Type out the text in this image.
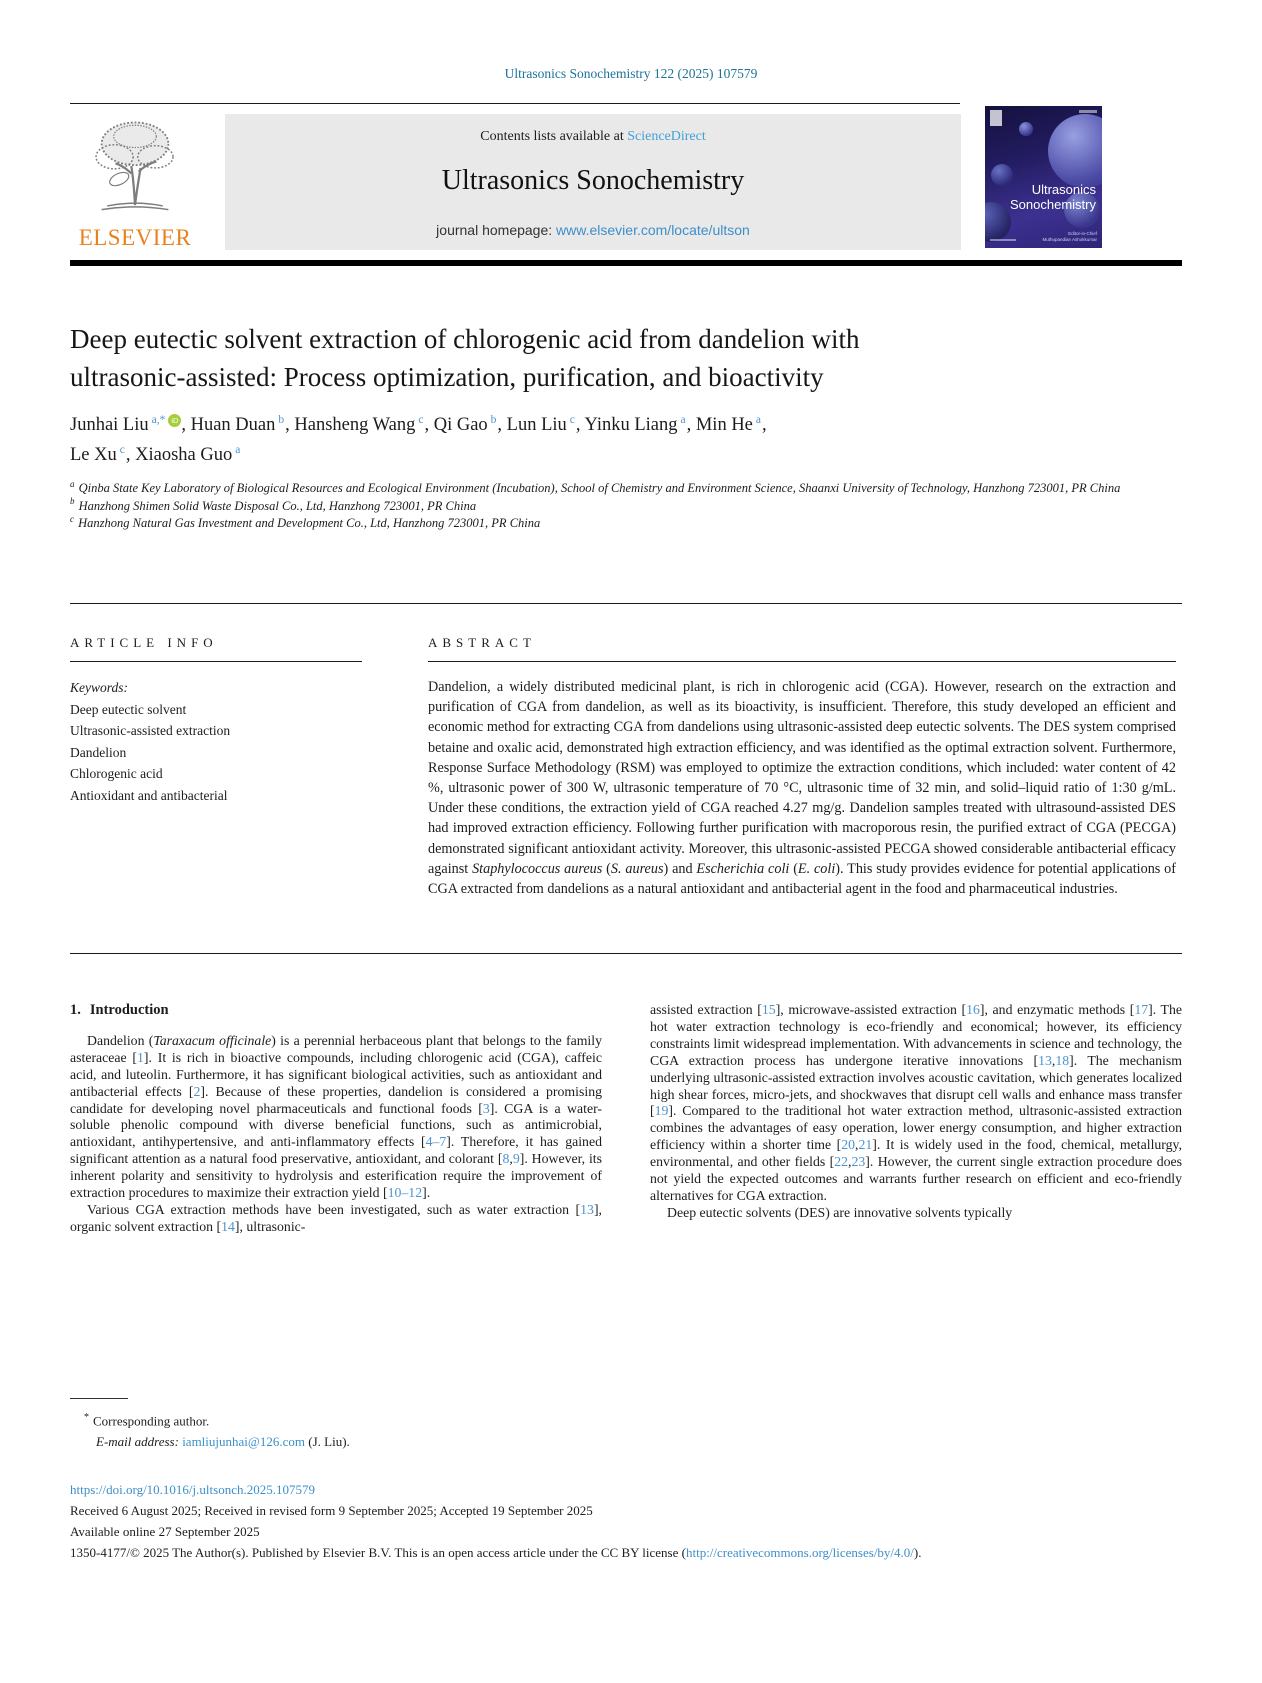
Ultrasonics Sonochemistry 122 (2025) 107579
ELSEVIER
Contents lists available at ScienceDirect
Ultrasonics Sonochemistry
journal homepage: www.elsevier.com/locate/ultson
Ultrasonics
Sonochemistry
Editor-in-Chief
Muthupandian Ashokkumar
Deep eutectic solvent extraction of chlorogenic acid from dandelion with
ultrasonic-assisted: Process optimization, purification, and bioactivity
Junhai Liu $^{a,*}$ iD , Huan Duan $^b$, Hansheng Wang $^c$, Qi Gao $^b$, Lun Liu $^c$, Yinku Liang $^a$, Min He $^a$,
Le Xu $^c$, Xiaosha Guo $^a$
$^a$ Qinba State Key Laboratory of Biological Resources and Ecological Environment (Incubation), School of Chemistry and Environment Science, Shaanxi University of Technology, Hanzhong 723001, PR China
$^b$ Hanzhong Shimen Solid Waste Disposal Co., Ltd, Hanzhong 723001, PR China
$^c$ Hanzhong Natural Gas Investment and Development Co., Ltd, Hanzhong 723001, PR China
ARTICLE INFO
Keywords:
Deep eutectic solvent
Ultrasonic-assisted extraction
Dandelion
Chlorogenic acid
Antioxidant and antibacterial
ABSTRACT
Dandelion, a widely distributed medicinal plant, is rich in chlorogenic acid (CGA). However, research on the extraction and purification of CGA from dandelion, as well as its bioactivity, is insufficient. Therefore, this study developed an efficient and economic method for extracting CGA from dandelions using ultrasonic-assisted deep eutectic solvents. The DES system comprised betaine and oxalic acid, demonstrated high extraction efficiency, and was identified as the optimal extraction solvent. Furthermore, Response Surface Methodology (RSM) was employed to optimize the extraction conditions, which included: water content of 42 %, ultrasonic power of 300 W, ultrasonic temperature of 70 °C, ultrasonic time of 32 min, and solid–liquid ratio of 1:30 g/mL. Under these conditions, the extraction yield of CGA reached 4.27 mg/g. Dandelion samples treated with ultrasound-assisted DES had improved extraction efficiency. Following further purification with macroporous resin, the purified extract of CGA (PECGA) demonstrated significant antioxidant activity. Moreover, this ultrasonic-assisted PECGA showed considerable antibacterial efficacy against Staphylococcus aureus (S. aureus) and Escherichia coli (E. coli). This study provides evidence for potential applications of CGA extracted from dandelions as a natural antioxidant and antibacterial agent in the food and pharmaceutical industries.
1. Introduction

Dandelion (Taraxacum officinale) is a perennial herbaceous plant that belongs to the family asteraceae [1]. It is rich in bioactive compounds, including chlorogenic acid (CGA), caffeic acid, and luteolin. Furthermore, it has significant biological activities, such as antioxidant and antibacterial effects [2]. Because of these properties, dandelion is considered a promising candidate for developing novel pharmaceuticals and functional foods [3]. CGA is a water-soluble phenolic compound with diverse beneficial functions, such as antimicrobial, antioxidant, antihypertensive, and anti-inflammatory effects [4–7]. Therefore, it has gained significant attention as a natural food preservative, antioxidant, and colorant [8,9]. However, its inherent polarity and sensitivity to hydrolysis and esterification require the improvement of extraction procedures to maximize their extraction yield [10–12].

Various CGA extraction methods have been investigated, such as water extraction [13], organic solvent extraction [14], ultrasonic-

assisted extraction [15], microwave-assisted extraction [16], and enzymatic methods [17]. The hot water extraction technology is eco-friendly and economical; however, its efficiency constraints limit widespread implementation. With advancements in science and technology, the CGA extraction process has undergone iterative innovations [13,18]. The mechanism underlying ultrasonic-assisted extraction involves acoustic cavitation, which generates localized high shear forces, micro-jets, and shockwaves that disrupt cell walls and enhance mass transfer [19]. Compared to the traditional hot water extraction method, ultrasonic-assisted extraction combines the advantages of easy operation, lower energy consumption, and higher extraction efficiency within a shorter time [20,21]. It is widely used in the food, chemical, metallurgy, environmental, and other fields [22,23]. However, the current single extraction procedure does not yield the expected outcomes and warrants further research on efficient and eco-friendly alternatives for CGA extraction.

Deep eutectic solvents (DES) are innovative solvents typically

* Corresponding author.
E-mail address: iamliujunhai@126.com (J. Liu).
https://doi.org/10.1016/j.ultsonch.2025.107579
Received 6 August 2025; Received in revised form 9 September 2025; Accepted 19 September 2025
Available online 27 September 2025
1350-4177/© 2025 The Author(s). Published by Elsevier B.V. This is an open access article under the CC BY license (http://creativecommons.org/licenses/by/4.0/).
